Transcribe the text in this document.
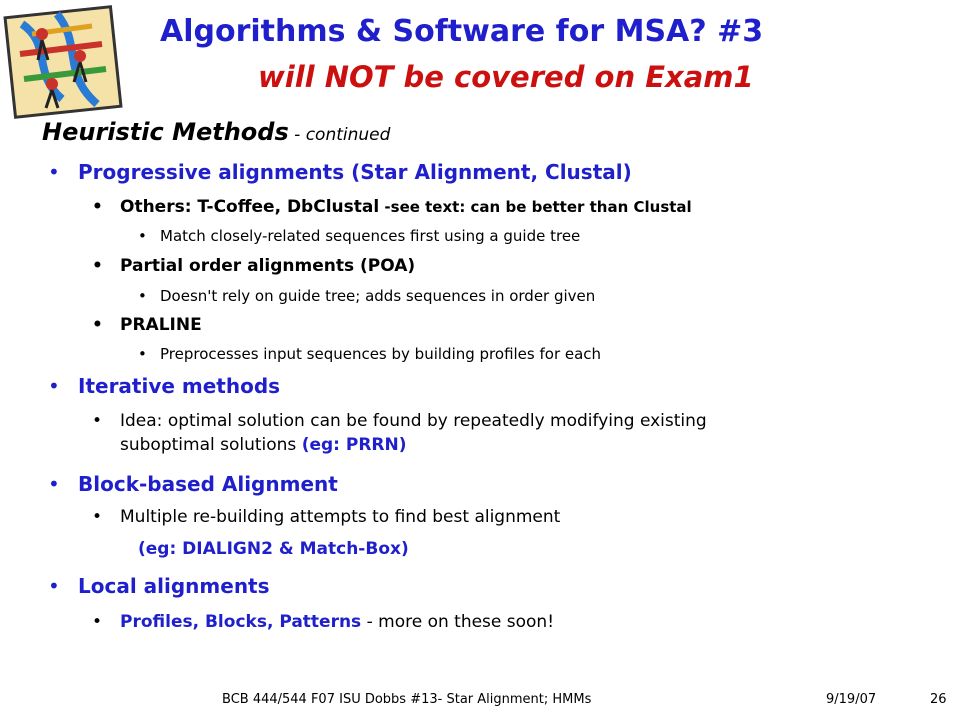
Algorithms & Software for MSA? #3
will NOT be covered on Exam1
Heuristic Methods - continued
• Progressive alignments (Star Alignment, Clustal)
• Others: T-Coffee, DbClustal -see text: can be better than Clustal
• Match closely-related sequences first using a guide tree
• Partial order alignments (POA)
• Doesn't rely on guide tree; adds sequences in order given
• PRALINE
• Preprocesses input sequences by building profiles for each
• Iterative methods
• Idea: optimal solution can be found by repeatedly modifying existing
suboptimal solutions (eg: PRRN)
• Block-based Alignment
• Multiple re-building attempts to find best alignment
(eg: DIALIGN2 & Match-Box)
• Local alignments
• Profiles, Blocks, Patterns - more on these soon!
BCB 444/544 F07 ISU Dobbs #13- Star Alignment; HMMs	9/19/07	26
